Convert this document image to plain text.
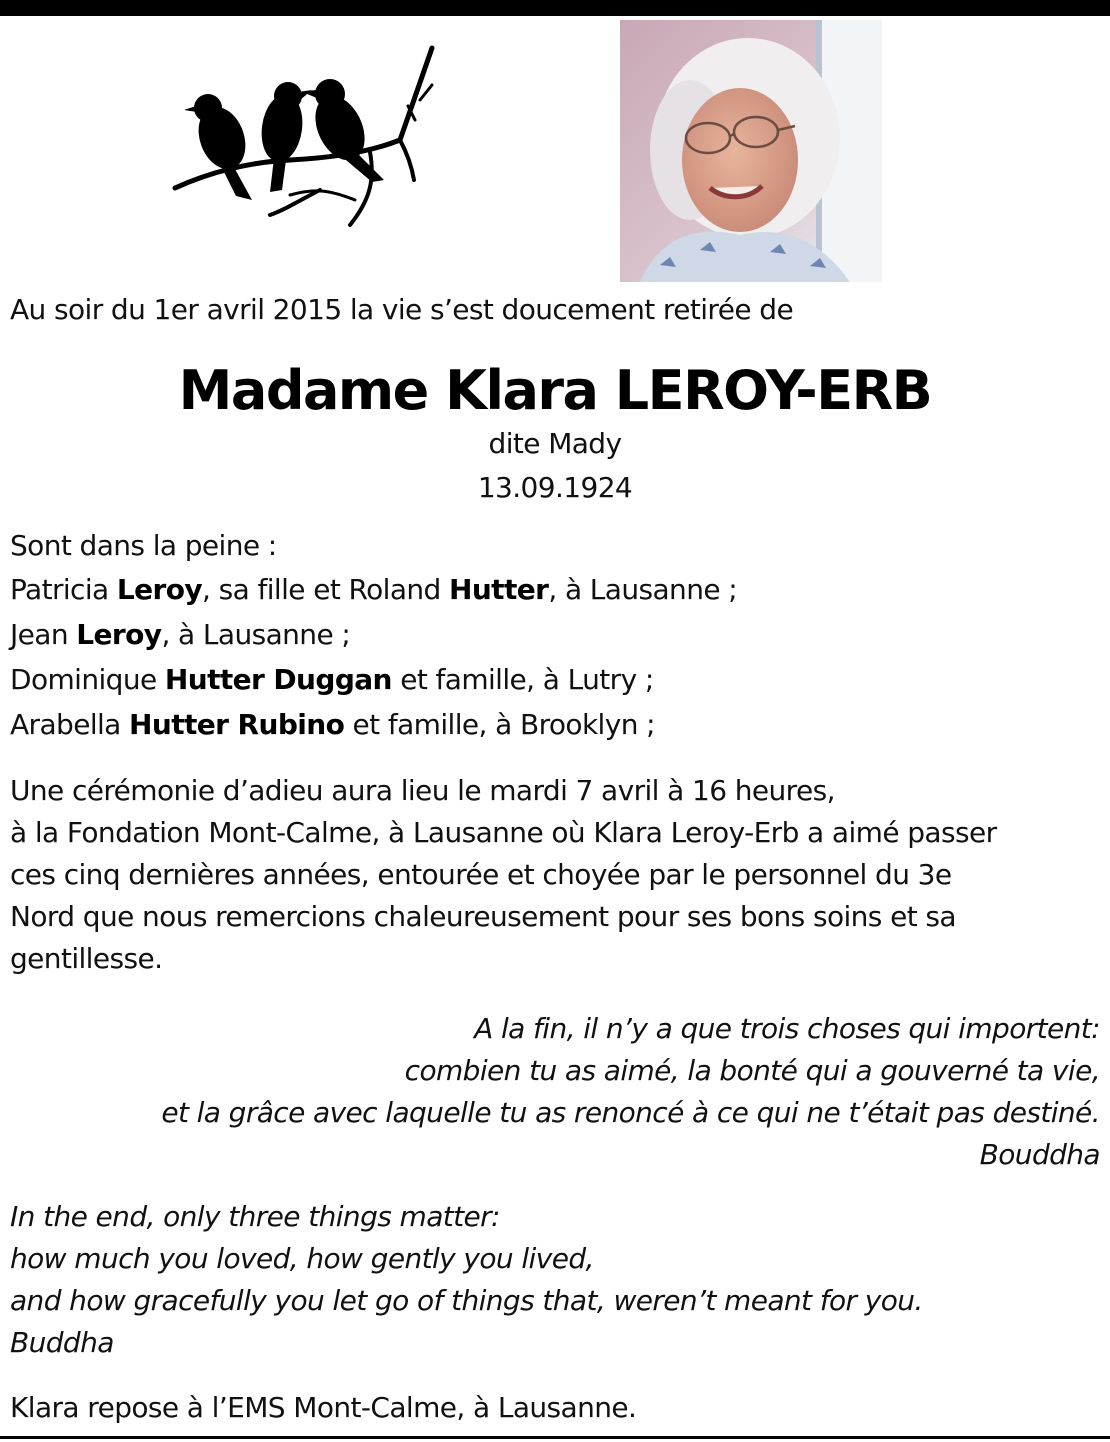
Au soir du 1er avril 2015 la vie s’est doucement retirée de
Madame Klara LEROY-ERB
dite Mady
13.09.1924
Sont dans la peine :
Patricia Leroy, sa fille et Roland Hutter, à Lausanne ;
Jean Leroy, à Lausanne ;
Dominique Hutter Duggan et famille, à Lutry ;
Arabella Hutter Rubino et famille, à Brooklyn ;
Une cérémonie d’adieu aura lieu le mardi 7 avril à 16 heures,
à la Fondation Mont-Calme, à Lausanne où Klara Leroy-Erb a aimé passer
ces cinq dernières années, entourée et choyée par le personnel du 3e
Nord que nous remercions chaleureusement pour ses bons soins et sa
gentillesse.
A la fin, il n’y a que trois choses qui importent:
combien tu as aimé, la bonté qui a gouverné ta vie,
et la grâce avec laquelle tu as renoncé à ce qui ne t’était pas destiné.
Bouddha
In the end, only three things matter:
how much you loved, how gently you lived,
and how gracefully you let go of things that, weren’t meant for you.
Buddha
Klara repose à l’EMS Mont-Calme, à Lausanne.
